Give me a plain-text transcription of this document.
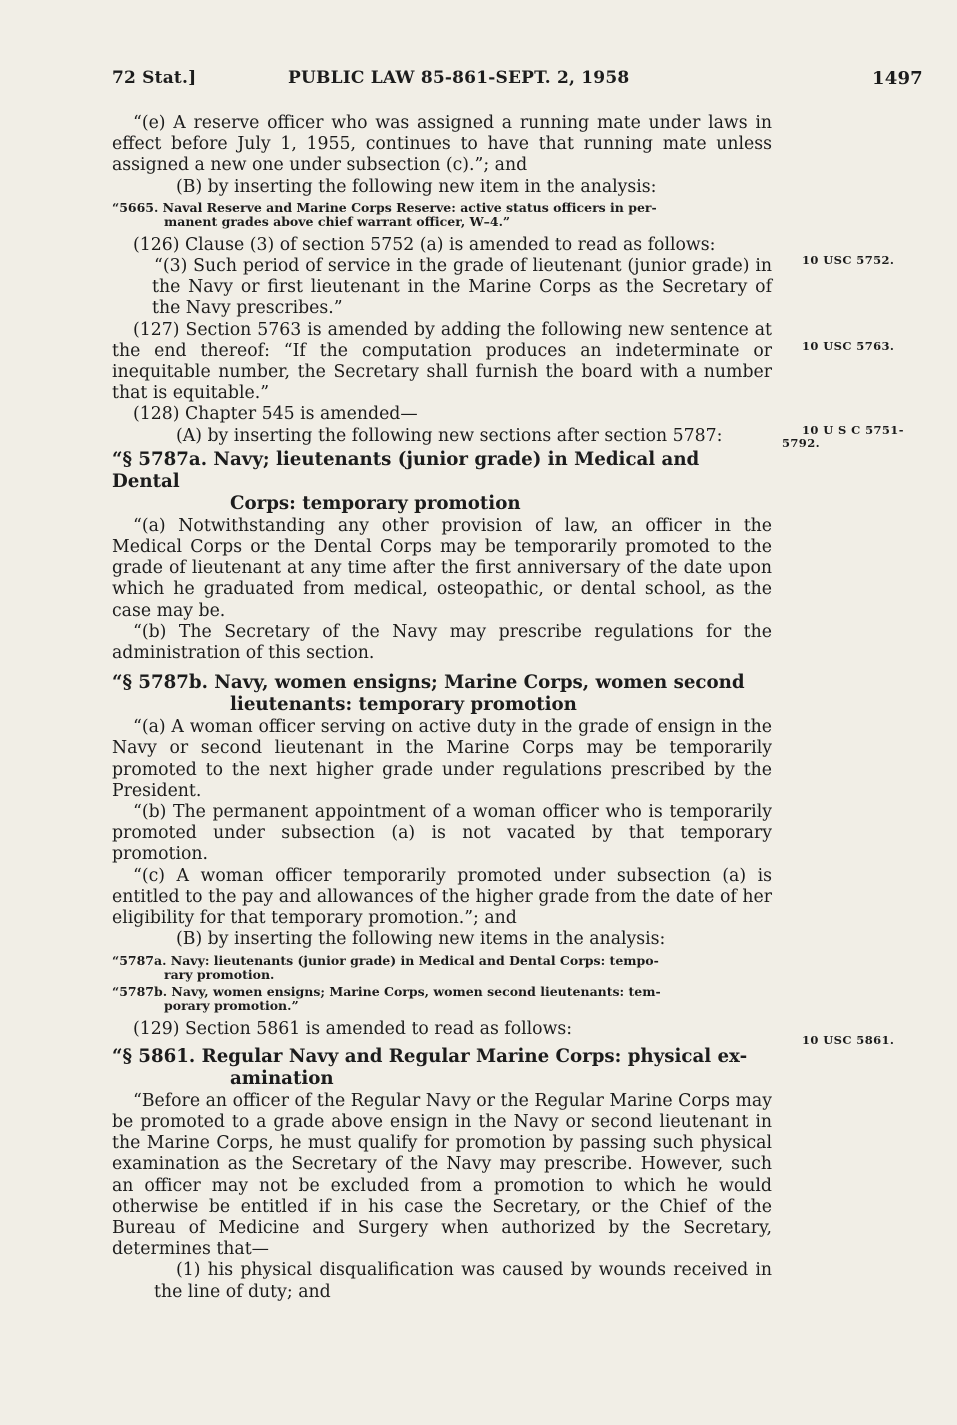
72 Stat.]	PUBLIC LAW 85-861-SEPT. 2, 1958	1497

“(e) A reserve officer who was assigned a running mate under laws in effect before July 1, 1955, continues to have that running mate unless assigned a new one under subsection (c).”; and

(B) by inserting the following new item in the analysis:

“5665. Naval Reserve and Marine Corps Reserve: active status officers in per-
manent grades above chief warrant officer, W–4.”

(126) Clause (3) of section 5752 (a) is amended to read as follows:

“(3) Such period of service in the grade of lieutenant (junior grade) in the Navy or first lieutenant in the Marine Corps as the Secretary of the Navy prescribes.”

(127) Section 5763 is amended by adding the following new sentence at the end thereof: “If the computation produces an indeterminate or inequitable number, the Secretary shall furnish the board with a number that is equitable.”

(128) Chapter 545 is amended—

(A) by inserting the following new sections after section 5787:

“§ 5787a. Navy; lieutenants (junior grade) in Medical and Dental
Corps: temporary promotion

“(a) Notwithstanding any other provision of law, an officer in the Medical Corps or the Dental Corps may be temporarily promoted to the grade of lieutenant at any time after the first anniversary of the date upon which he graduated from medical, osteopathic, or dental school, as the case may be.

“(b) The Secretary of the Navy may prescribe regulations for the administration of this section.

“§ 5787b. Navy, women ensigns; Marine Corps, women second
lieutenants: temporary promotion

“(a) A woman officer serving on active duty in the grade of ensign in the Navy or second lieutenant in the Marine Corps may be temporarily promoted to the next higher grade under regulations prescribed by the President.

“(b) The permanent appointment of a woman officer who is temporarily promoted under subsection (a) is not vacated by that temporary promotion.

“(c) A woman officer temporarily promoted under subsection (a) is entitled to the pay and allowances of the higher grade from the date of her eligibility for that temporary promotion.”; and

(B) by inserting the following new items in the analysis:

“5787a. Navy: lieutenants (junior grade) in Medical and Dental Corps: tempo-
rary promotion.

“5787b. Navy, women ensigns; Marine Corps, women second lieutenants: tem-
porary promotion.”

(129) Section 5861 is amended to read as follows:

“§ 5861. Regular Navy and Regular Marine Corps: physical ex-
amination

“Before an officer of the Regular Navy or the Regular Marine Corps may be promoted to a grade above ensign in the Navy or second lieutenant in the Marine Corps, he must qualify for promotion by passing such physical examination as the Secretary of the Navy may prescribe. However, such an officer may not be excluded from a promotion to which he would otherwise be entitled if in his case the Secretary, or the Chief of the Bureau of Medicine and Surgery when authorized by the Secretary, determines that—

(1) his physical disqualification was caused by wounds received in the line of duty; and

10 USC 5752.
10 USC 5763.
10 U S C 5751-
5792.
10 USC 5861.
